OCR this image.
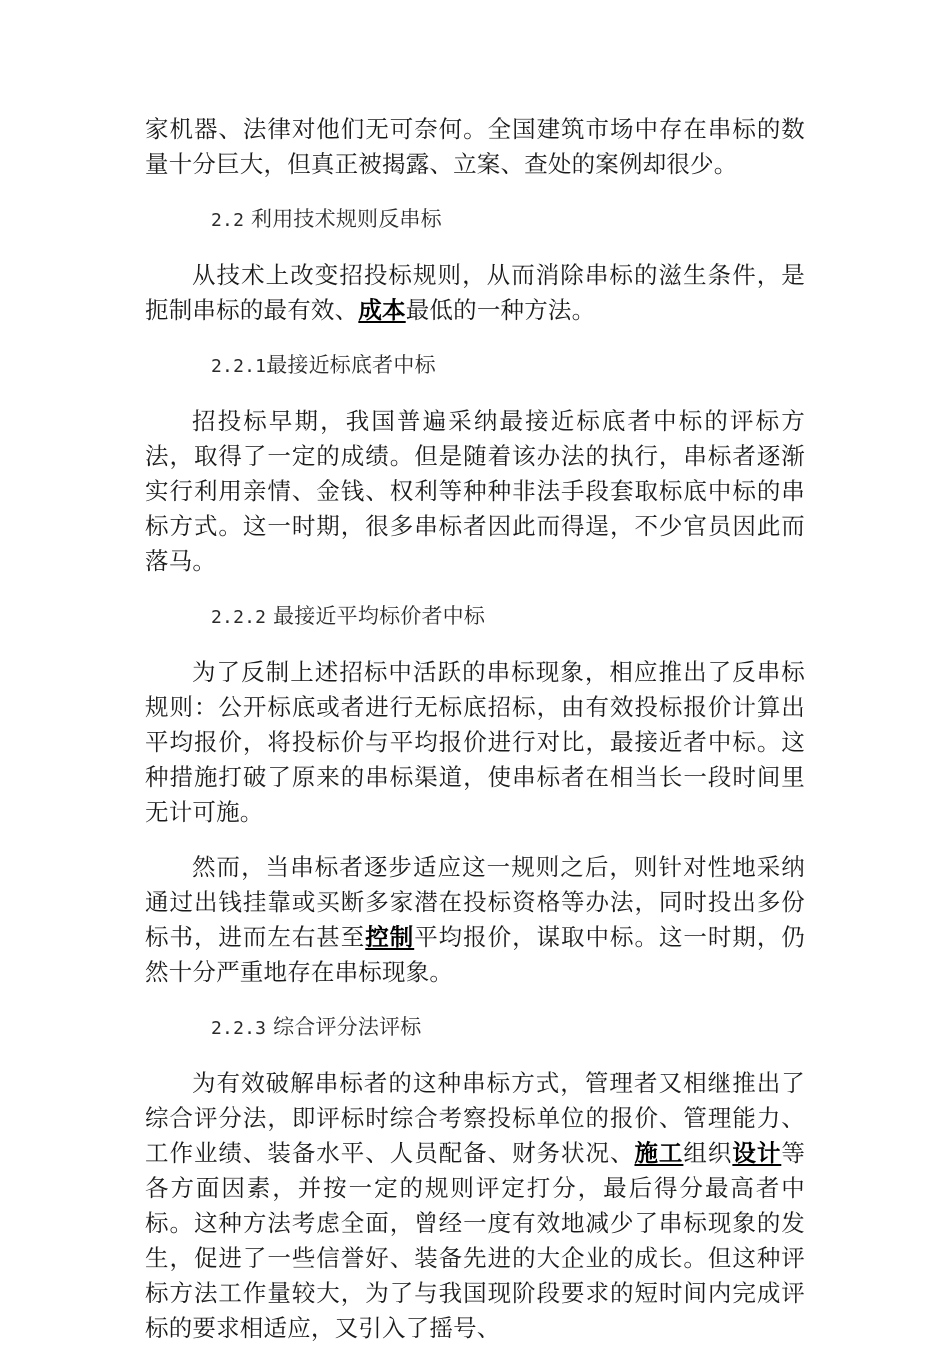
家机器、法律对他们无可奈何。全国建筑市场中存在串标的数量十分巨大，但真正被揭露、立案、查处的案例却很少。

2.2 利用技术规则反串标

从技术上改变招投标规则，从而消除串标的滋生条件，是扼制串标的最有效、成本最低的一种方法。

2.2.1最接近标底者中标

招投标早期，我国普遍采纳最接近标底者中标的评标方法，取得了一定的成绩。但是随着该办法的执行，串标者逐渐实行利用亲情、金钱、权利等种种非法手段套取标底中标的串标方式。这一时期，很多串标者因此而得逞，不少官员因此而落马。

2.2.2 最接近平均标价者中标

为了反制上述招标中活跃的串标现象，相应推出了反串标规则：公开标底或者进行无标底招标，由有效投标报价计算出平均报价，将投标价与平均报价进行对比，最接近者中标。这种措施打破了原来的串标渠道，使串标者在相当长一段时间里无计可施。

然而，当串标者逐步适应这一规则之后，则针对性地采纳通过出钱挂靠或买断多家潜在投标资格等办法，同时投出多份标书，进而左右甚至控制平均报价，谋取中标。这一时期，仍然十分严重地存在串标现象。

2.2.3 综合评分法评标

为有效破解串标者的这种串标方式，管理者又相继推出了综合评分法，即评标时综合考察投标单位的报价、管理能力、工作业绩、装备水平、人员配备、财务状况、施工组织设计等各方面因素，并按一定的规则评定打分，最后得分最高者中标。这种方法考虑全面，曾经一度有效地减少了串标现象的发生，促进了一些信誉好、装备先进的大企业的成长。但这种评标方法工作量较大，为了与我国现阶段要求的短时间内完成评标的要求相适应，又引入了摇号、
